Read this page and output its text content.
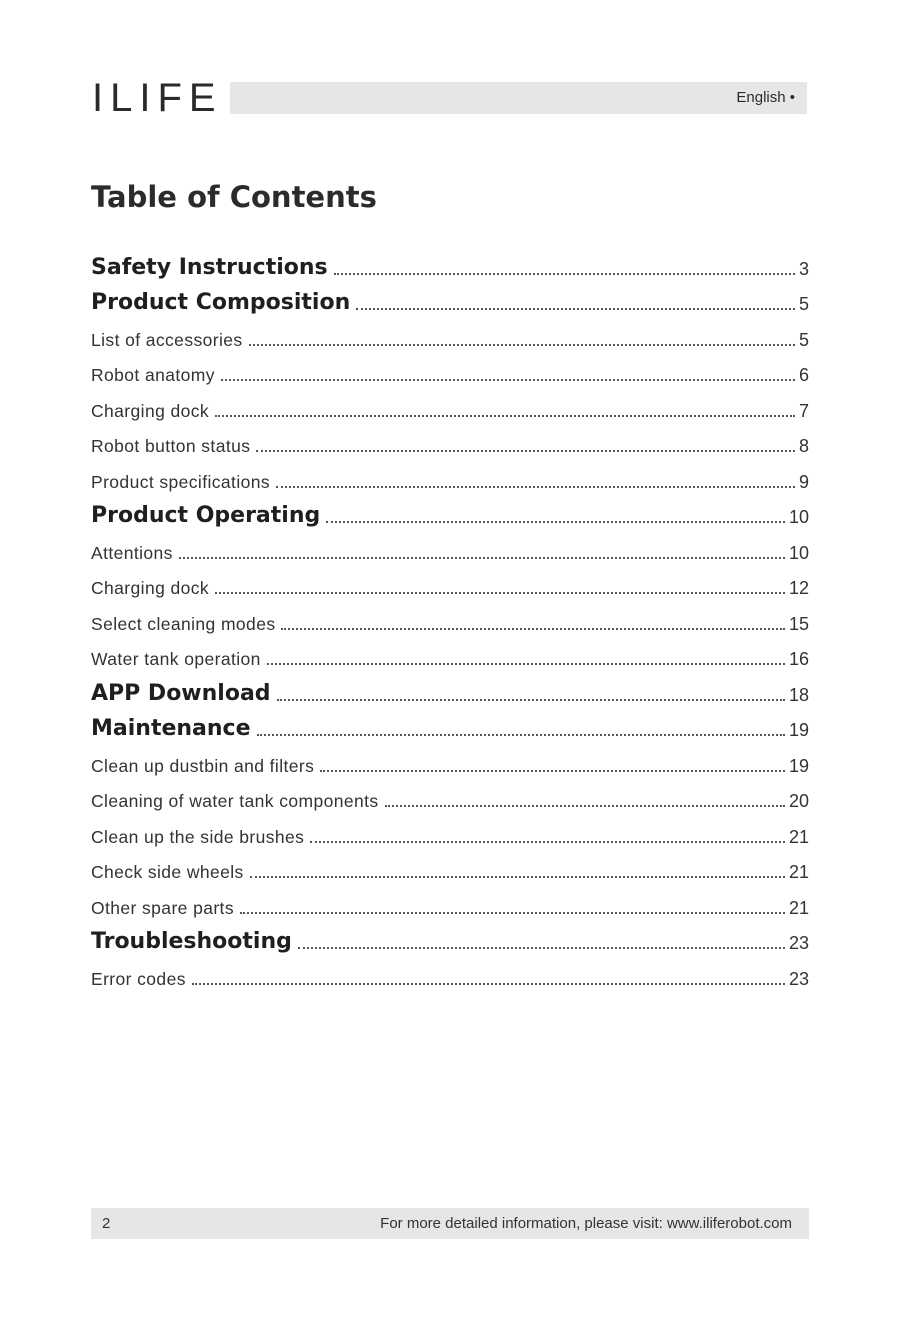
ILIFE	English •
Table of Contents
Safety Instructions	3
Product Composition	5
List of accessories	5
Robot anatomy	6
Charging dock	7
Robot button status	8
Product specifications	9
Product Operating	10
Attentions	10
Charging dock	12
Select cleaning modes	15
Water tank operation	16
APP Download	18
Maintenance	19
Clean up dustbin and filters	19
Cleaning of water tank components	20
Clean up the side brushes	21
Check side wheels	21
Other spare parts	21
Troubleshooting	23
Error codes	23
2	For more detailed information, please visit: www.iliferobot.com
